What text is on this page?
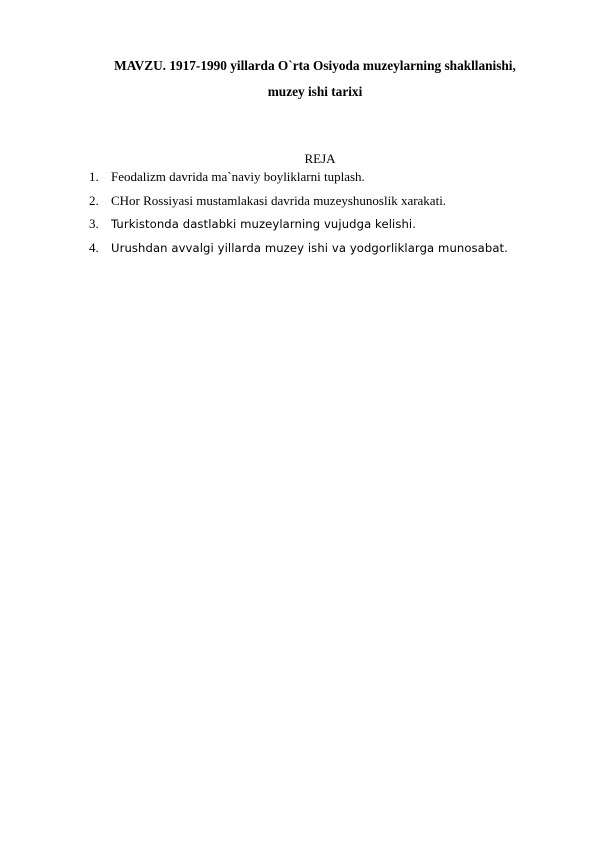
MAVZU. 1917-1990 yillarda O`rta Osiyoda muzeylarning shakllanishi,
muzey ishi tarixi
REJA
1. Feodalizm davrida ma`naviy boyliklarni tuplash.
2. CHor Rossiyasi mustamlakasi davrida muzeyshunoslik xarakati.
3.	Turkistonda dastlabki muzeylarning vujudga kelishi.
4.	Urushdan avvalgi yillarda muzey ishi va yodgorliklarga munosabat.
